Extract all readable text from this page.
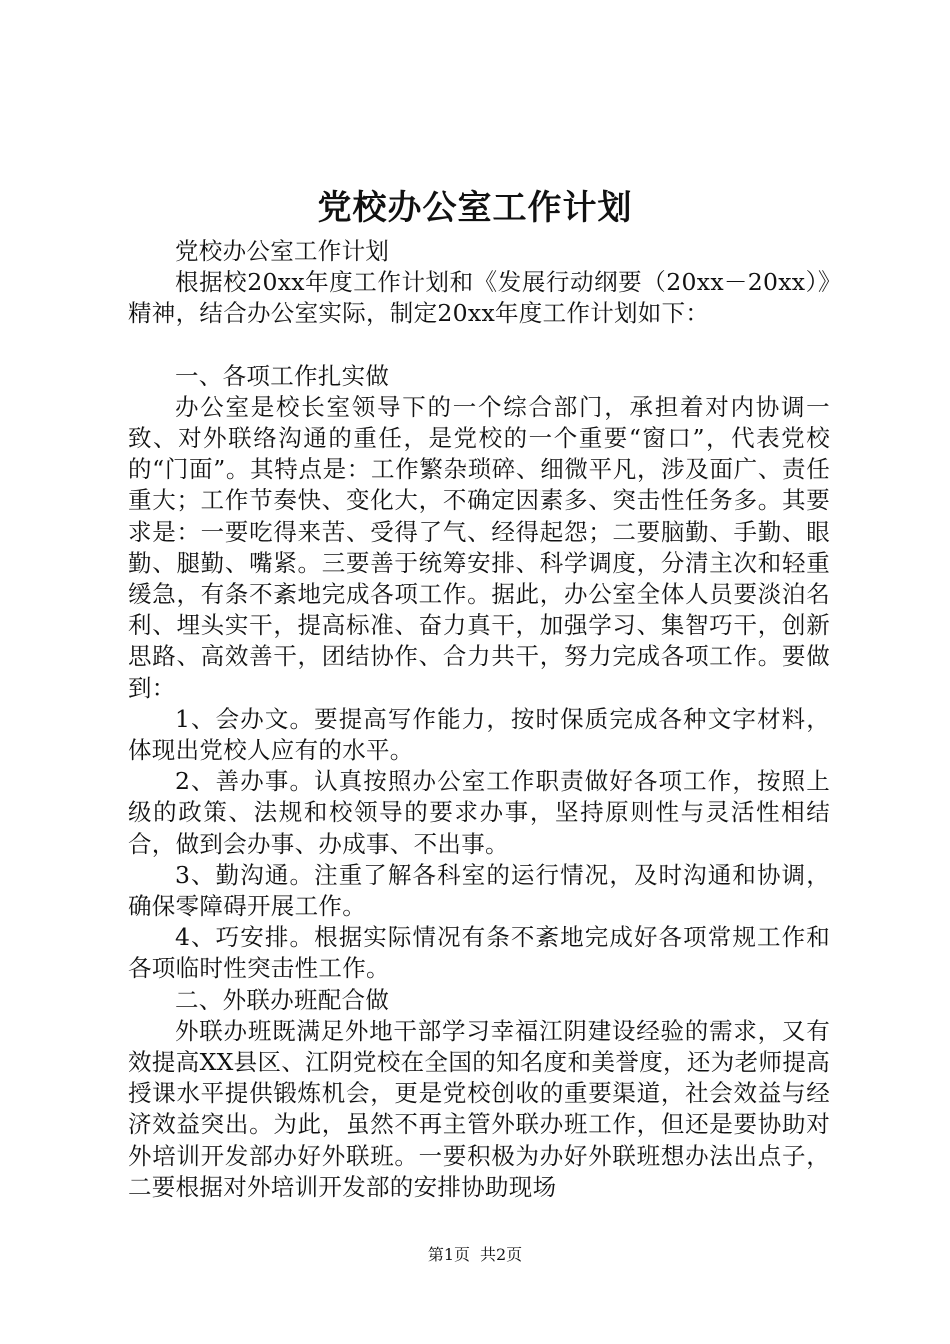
党校办公室工作计划

党校办公室工作计划

根据校20xx年度工作计划和《发展行动纲要（20xx－20xx）》精神，结合办公室实际，制定20xx年度工作计划如下：

一、各项工作扎实做

办公室是校长室领导下的一个综合部门，承担着对内协调一致、对外联络沟通的重任，是党校的一个重要“窗口”，代表党校的“门面”。其特点是：工作繁杂琐碎、细微平凡，涉及面广、责任重大；工作节奏快、变化大，不确定因素多、突击性任务多。其要求是：一要吃得来苦、受得了气、经得起怨；二要脑勤、手勤、眼勤、腿勤、嘴紧。三要善于统筹安排、科学调度，分清主次和轻重缓急，有条不紊地完成各项工作。据此，办公室全体人员要淡泊名利、埋头实干，提高标准、奋力真干，加强学习、集智巧干，创新思路、高效善干，团结协作、合力共干，努力完成各项工作。要做到：

1、会办文。要提高写作能力，按时保质完成各种文字材料，体现出党校人应有的水平。

2、善办事。认真按照办公室工作职责做好各项工作，按照上级的政策、法规和校领导的要求办事，坚持原则性与灵活性相结合，做到会办事、办成事、不出事。

3、勤沟通。注重了解各科室的运行情况，及时沟通和协调，确保零障碍开展工作。

4、巧安排。根据实际情况有条不紊地完成好各项常规工作和各项临时性突击性工作。

二、外联办班配合做

外联办班既满足外地干部学习幸福江阴建设经验的需求，又有效提高XX县区、江阴党校在全国的知名度和美誉度，还为老师提高授课水平提供锻炼机会，更是党校创收的重要渠道，社会效益与经济效益突出。为此，虽然不再主管外联办班工作，但还是要协助对外培训开发部办好外联班。一要积极为办好外联班想办法出点子，二要根据对外培训开发部的安排协助现场

第1页 共2页
